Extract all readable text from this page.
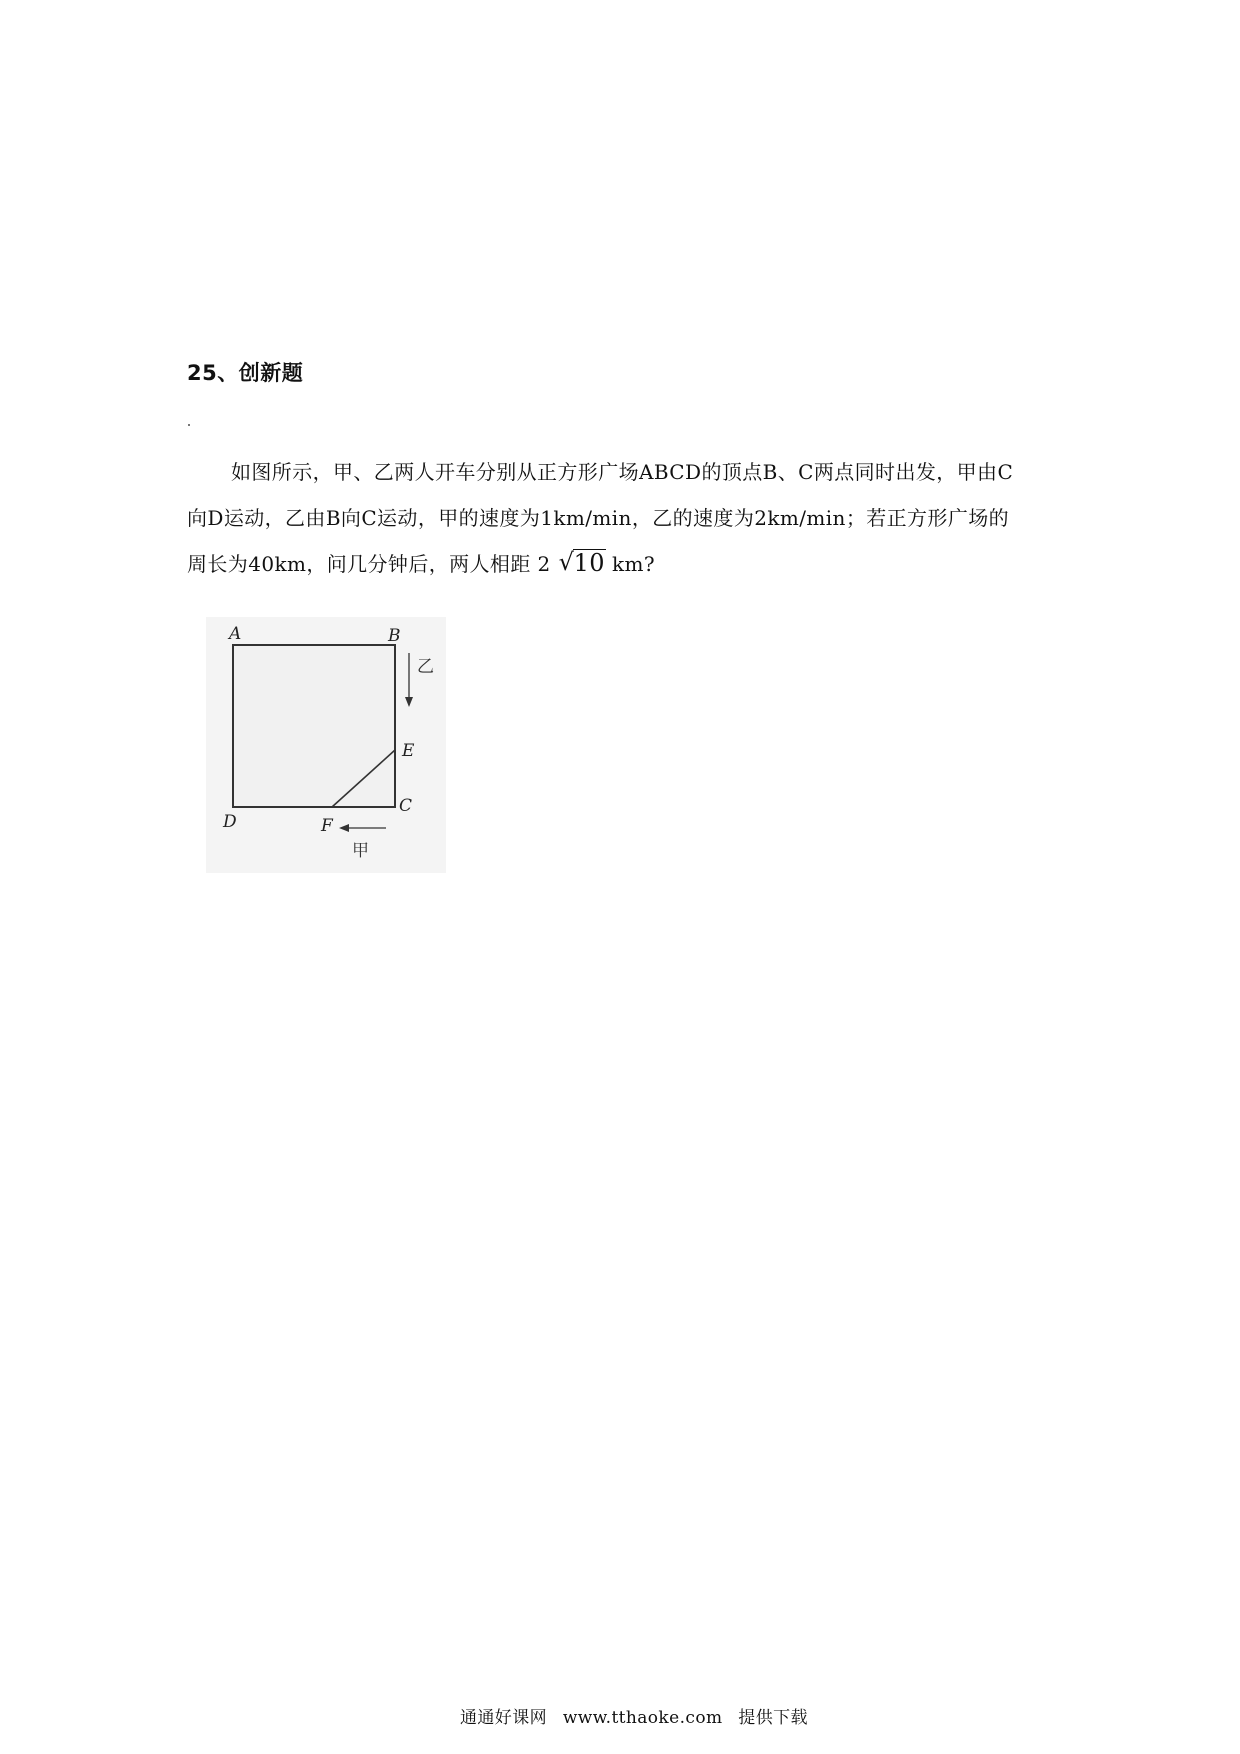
25、创新题
如图所示，甲、乙两人开车分别从正方形广场ABCD的顶点B、C两点同时出发，甲由C
向D运动，乙由B向C运动，甲的速度为1km/min，乙的速度为2km/min；若正方形广场的
周长为40km，问几分钟后，两人相距 2 √ 10 km?
A	B
C
D
E
F
乙
甲
通通好课网 www.tthaoke.com 提供下载
